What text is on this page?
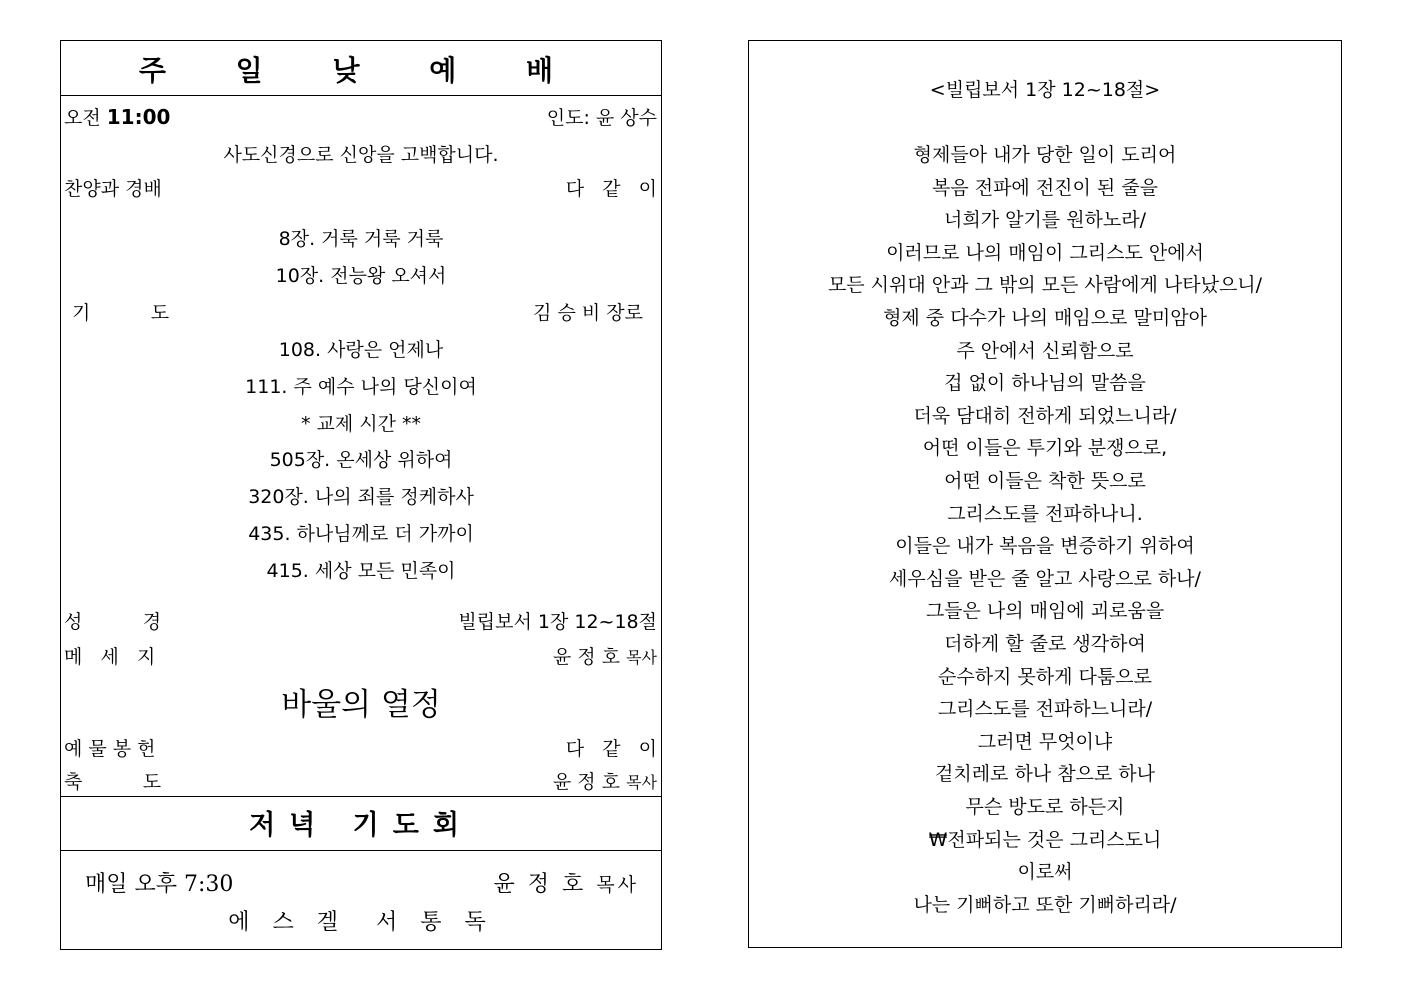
주 일 낮 예 배
오전 11:00	인도: 윤 상수
사도신경으로 신앙을 고백합니다.
찬양과 경배	다   같   이
8장. 거룩 거룩 거룩
10장. 전능왕 오셔서
기          도	김 승 비 장로
108. 사랑은 언제나
111. 주 예수 나의 당신이여
* 교제 시간 **
505장. 온세상 위하여
320장. 나의 죄를 정케하사
435. 하나님께로 더 가까이
415. 세상 모든 민족이
성          경	빌립보서 1장 12~18절
메   세   지	윤 정 호 목사
바울의 열정
예 물 봉 헌	다   같   이
축          도	윤 정 호 목사
저녁 기도회
매일 오후 7:30	윤 정 호 목사
에 스 겔  서 통 독
<빌립보서 1장 12~18절>
형제들아 내가 당한 일이 도리어
복음 전파에 전진이 된 줄을
너희가 알기를 원하노라/
이러므로 나의 매임이 그리스도 안에서
모든 시위대 안과 그 밖의 모든 사람에게 나타났으니/
형제 중 다수가 나의 매임으로 말미암아
주 안에서 신뢰함으로
겁 없이 하나님의 말씀을
더욱 담대히 전하게 되었느니라/
어떤 이들은 투기와 분쟁으로,
어떤 이들은 착한 뜻으로
그리스도를 전파하나니.
이들은 내가 복음을 변증하기 위하여
세우심을 받은 줄 알고 사랑으로 하나/
그들은 나의 매임에 괴로움을
더하게 할 줄로 생각하여
순수하지 못하게 다툼으로
그리스도를 전파하느니라/
그러면 무엇이냐
겉치레로 하나 참으로 하나
무슨 방도로 하든지
₩전파되는 것은 그리스도니
이로써
나는 기뻐하고 또한 기뻐하리라/
